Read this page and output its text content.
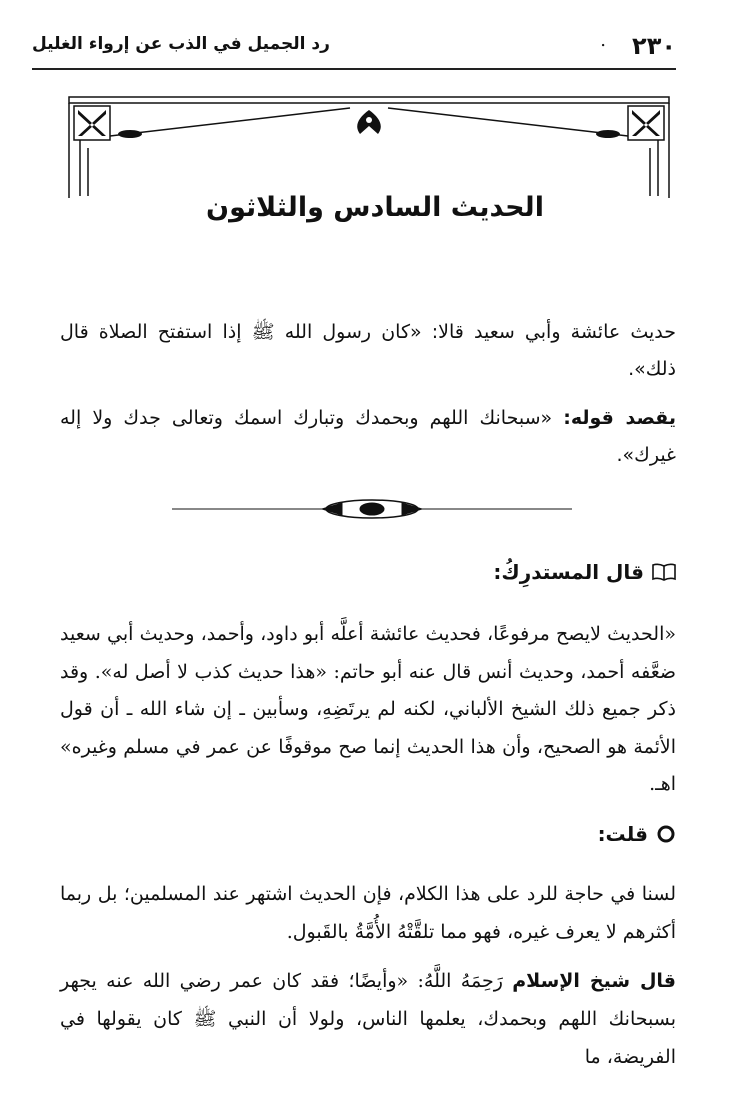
٢٣٠
.
رد الجميل في الذب عن إرواء الغليل
الحديث السادس والثلاثون
حديث عائشة وأبي سعيد قالا: «كان رسول الله ﷺ إذا استفتح الصلاة قال ذلك».
يقصد قوله: «سبحانك اللهم وبحمدك وتبارك اسمك وتعالى جدك ولا إله غيرك».
قال المستدرِكُ:
«الحديث لايصح مرفوعًا، فحديث عائشة أعلَّه أبو داود، وأحمد، وحديث أبي سعيد ضعَّفه أحمد، وحديث أنس قال عنه أبو حاتم: «هذا حديث كذب لا أصل له». وقد ذكر جميع ذلك الشيخ الألباني، لكنه لم يرتَضِهِ، وسأبين ـ إن شاء الله ـ أن قول الأئمة هو الصحيح، وأن هذا الحديث إنما صح موقوفًا عن عمر في مسلم وغيره» اهـ.
قلت:
لسنا في حاجة للرد على هذا الكلام، فإن الحديث اشتهر عند المسلمين؛ بل ربما أكثرهم لا يعرف غيره، فهو مما تلقَّتْهُ الأُمَّةُ بالقَبول.
قال شيخ الإسلام رَحِمَهُ اللَّهُ: «وأيضًا؛ فقد كان عمر رضي الله عنه يجهر بسبحانك اللهم وبحمدك، يعلمها الناس، ولولا أن النبي ﷺ كان يقولها في الفريضة، ما
